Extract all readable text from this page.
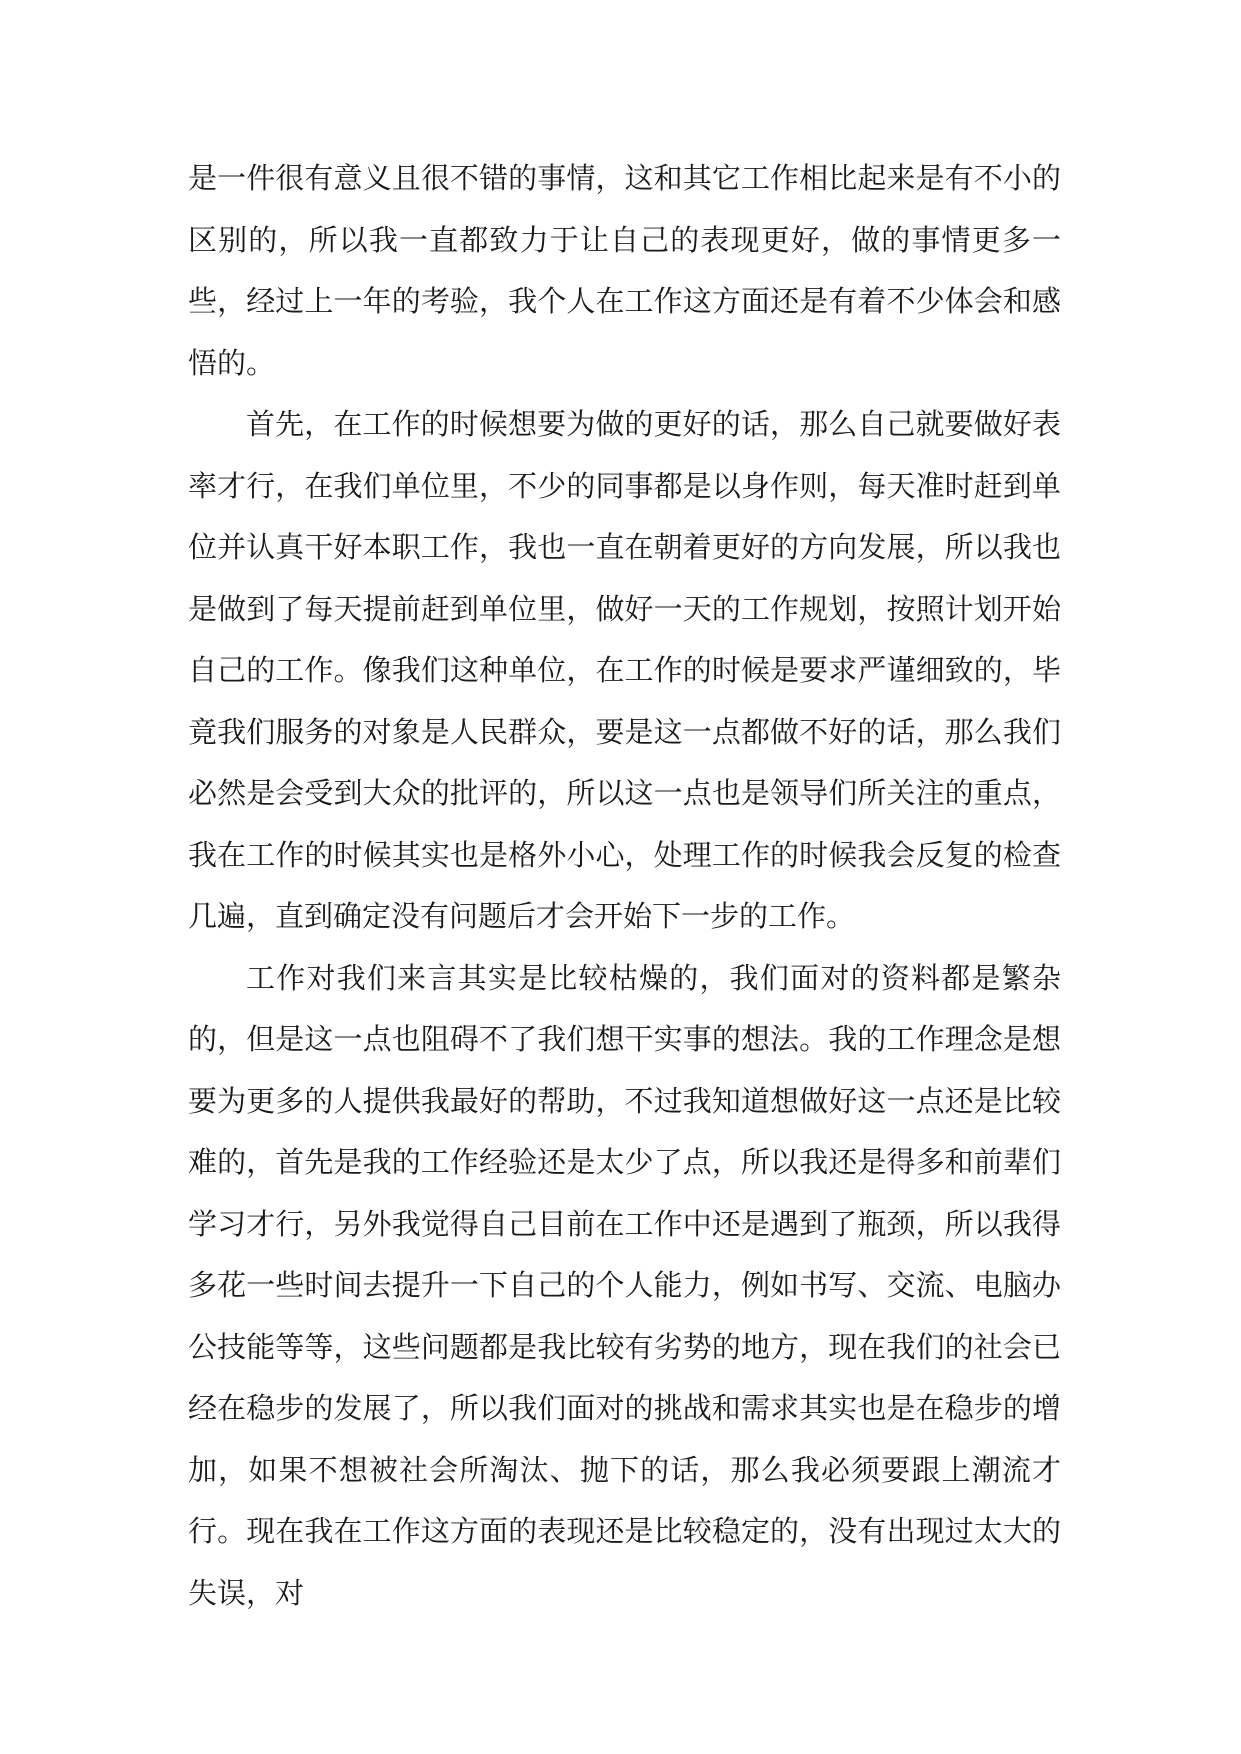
是一件很有意义且很不错的事情，这和其它工作相比起来是有不小的区别的，所以我一直都致力于让自己的表现更好，做的事情更多一些，经过上一年的考验，我个人在工作这方面还是有着不少体会和感悟的。

首先，在工作的时候想要为做的更好的话，那么自己就要做好表率才行，在我们单位里，不少的同事都是以身作则，每天准时赶到单位并认真干好本职工作，我也一直在朝着更好的方向发展，所以我也是做到了每天提前赶到单位里，做好一天的工作规划，按照计划开始自己的工作。像我们这种单位，在工作的时候是要求严谨细致的，毕竟我们服务的对象是人民群众，要是这一点都做不好的话，那么我们必然是会受到大众的批评的，所以这一点也是领导们所关注的重点，我在工作的时候其实也是格外小心，处理工作的时候我会反复的检查几遍，直到确定没有问题后才会开始下一步的工作。

工作对我们来言其实是比较枯燥的，我们面对的资料都是繁杂的，但是这一点也阻碍不了我们想干实事的想法。我的工作理念是想要为更多的人提供我最好的帮助，不过我知道想做好这一点还是比较难的，首先是我的工作经验还是太少了点，所以我还是得多和前辈们学习才行，另外我觉得自己目前在工作中还是遇到了瓶颈，所以我得多花一些时间去提升一下自己的个人能力，例如书写、交流、电脑办公技能等等，这些问题都是我比较有劣势的地方，现在我们的社会已经在稳步的发展了，所以我们面对的挑战和需求其实也是在稳步的增加，如果不想被社会所淘汰、抛下的话，那么我必须要跟上潮流才行。现在我在工作这方面的表现还是比较稳定的，没有出现过太大的失误，对
